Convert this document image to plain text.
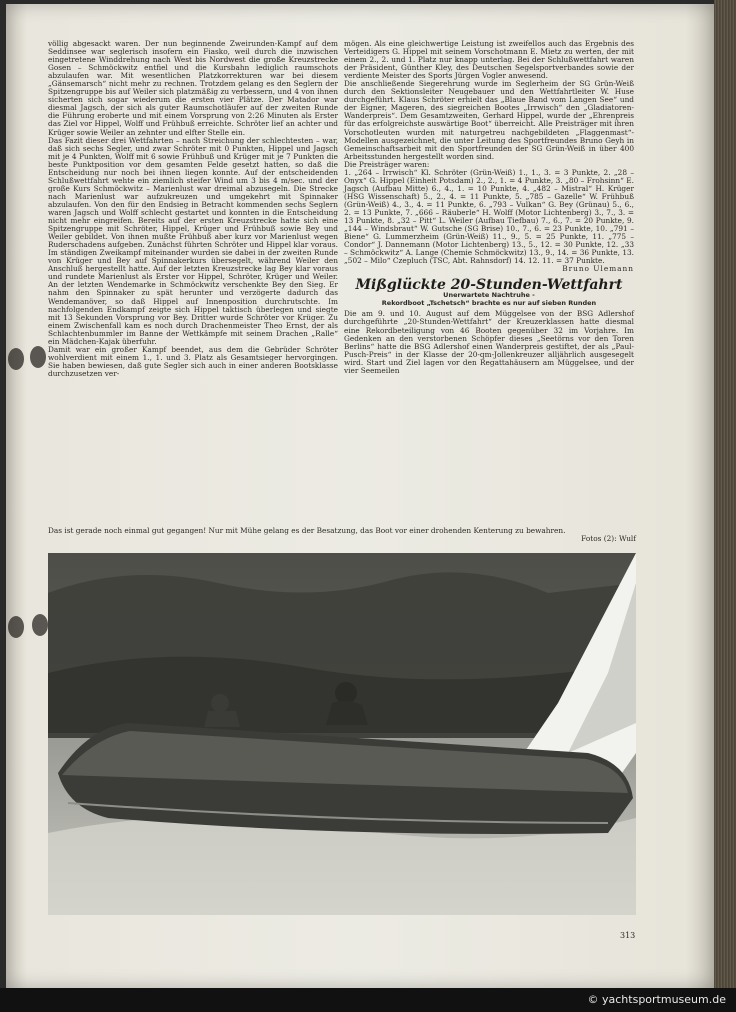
völlig abgesackt waren. Der nun beginnende Zweirunden-Kampf auf dem Seddinsee war seglerisch insofern ein Fiasko, weil durch die inzwischen eingetretene Winddrehung nach West bis Nordwest die große Kreuzstrecke Gosen – Schmöckwitz entfiel und die Kursbahn lediglich raumschots abzulaufen war. Mit wesentlichen Platzkorrekturen war bei diesem „Gänsemarsch“ nicht mehr zu rechnen. Trotzdem gelang es den Seglern der Spitzengruppe bis auf Weiler sich platzmäßig zu verbessern, und 4 von ihnen sicherten sich sogar wiederum die ersten vier Plätze. Der Matador war diesmal Jagsch, der sich als guter Raumschotläufer auf der zweiten Runde die Führung eroberte und mit einem Vorsprung von 2:26 Minuten als Erster das Ziel vor Hippel, Wolff und Frühbuß erreichte. Schröter lief an achter und Krüger sowie Weiler an zehnter und elfter Stelle ein.

Das Fazit dieser drei Wettfahrten – nach Streichung der schlechtesten – war, daß sich sechs Segler, und zwar Schröter mit 0 Punkten, Hippel und Jagsch mit je 4 Punkten, Wolff mit 6 sowie Frühbuß und Krüger mit je 7 Punkten die beste Punktposition vor dem gesamten Felde gesetzt hatten, so daß die Entscheidung nur noch bei ihnen liegen konnte. Auf der entscheidenden Schlußwettfahrt wehte ein ziemlich steifer Wind um 3 bis 4 m/sec. und der große Kurs Schmöckwitz – Marienlust war dreimal abzusegeln. Die Strecke nach Marienlust war aufzukreuzen und umgekehrt mit Spinnaker abzulaufen. Von den für den Endsieg in Betracht kommenden sechs Seglern waren Jagsch und Wolff schlecht gestartet und konnten in die Entscheidung nicht mehr eingreifen. Bereits auf der ersten Kreuzstrecke hatte sich eine Spitzengruppe mit Schröter, Hippel, Krüger und Frühbuß sowie Bey und Weiler gebildet. Von ihnen mußte Frühbuß aber kurz vor Marienlust wegen Ruderschadens aufgeben. Zunächst führten Schröter und Hippel klar voraus. Im ständigen Zweikampf miteinander wurden sie dabei in der zweiten Runde von Krüger und Bey auf Spinnakerkurs übersegelt, während Weiler den Anschluß hergestellt hatte. Auf der letzten Kreuzstrecke lag Bey klar voraus und rundete Marienlust als Erster vor Hippel, Schröter, Krüger und Weiler. An der letzten Wendemarke in Schmöckwitz verschenkte Bey den Sieg. Er nahm den Spinnaker zu spät herunter und verzögerte dadurch das Wendemanöver, so daß Hippel auf Innenposition durchrutschte. Im nachfolgenden Endkampf zeigte sich Hippel taktisch überlegen und siegte mit 13 Sekunden Vorsprung vor Bey. Dritter wurde Schröter vor Krüger. Zu einem Zwischenfall kam es noch durch Drachenmeister Theo Ernst, der als Schlachtenbummler im Banne der Wettkämpfe mit seinem Drachen „Ralle“ ein Mädchen-Kajak überfuhr.

Damit war ein großer Kampf beendet, aus dem die Gebrüder Schröter wohlverdient mit einem 1., 1. und 3. Platz als Gesamtsieger hervorgingen. Sie haben bewiesen, daß gute Segler sich auch in einer anderen Bootsklasse durchzusetzen ver-

mögen. Als eine gleichwertige Leistung ist zweifellos auch das Ergebnis des Verteidigers G. Hippel mit seinem Vorschotmann E. Mietz zu werten, der mit einem 2., 2. und 1. Platz nur knapp unterlag. Bei der Schlußwettfahrt waren der Präsident, Günther Kley, des Deutschen Segelsportverbandes sowie der verdiente Meister des Sports Jürgen Vogler anwesend.

Die anschließende Siegerehrung wurde im Seglerheim der SG Grün-Weiß durch den Sektionsleiter Neugebauer und den Wettfahrtleiter W. Huse durchgeführt. Klaus Schröter erhielt das „Blaue Band vom Langen See“ und der Eigner, Mageren, des siegreichen Bootes „Irrwisch“ den „Gladiatoren-Wanderpreis“. Dem Gesamtzweiten, Gerhard Hippel, wurde der „Ehrenpreis für das erfolgreichste auswärtige Boot“ überreicht. Alle Preisträger mit ihren Vorschotleuten wurden mit naturgetreu nachgebildeten „Flaggenmast“-Modellen ausgezeichnet, die unter Leitung des Sportfreundes Bruno Geyh in Gemeinschaftsarbeit mit den Sportfreunden der SG Grün-Weiß in über 400 Arbeitsstunden hergestellt worden sind.

Die Preisträger waren:

1. „264 – Irrwisch“ Kl. Schröter (Grün-Weiß) 1., 1., 3. = 3 Punkte, 2. „28 – Onyx“ G. Hippel (Einheit Potsdam) 2., 2., 1. = 4 Punkte, 3. „80 – Frohsinn“ E. Jagsch (Aufbau Mitte) 6., 4., 1. = 10 Punkte, 4. „482 – Mistral“ H. Krüger (HSG Wissenschaft) 5., 2., 4. = 11 Punkte, 5. „785 – Gazelle“ W. Frühbuß (Grün-Weiß) 4., 3., 4. = 11 Punkte, 6. „793 – Vulkan“ G. Bey (Grünau) 5., 6., 2. = 13 Punkte, 7. „666 – Räuberle“ H. Wolff (Motor Lichtenberg) 3., 7., 3. = 13 Punkte, 8. „32 – Pitt“ L. Weiler (Aufbau Tiefbau) 7., 6., 7. = 20 Punkte, 9. „144 – Windsbraut“ W. Gutsche (SG Brise) 10., 7., 6. = 23 Punkte, 10. „791 – Biene“ G. Lummerzheim (Grün-Weiß) 11., 9., 5. = 25 Punkte, 11. „775 – Condor“ J. Dannemann (Motor Lichtenberg) 13., 5., 12. = 30 Punkte, 12. „33 – Schmöckwitz“ A. Lange (Chemie Schmöckwitz) 13., 9., 14. = 36 Punkte, 13. „502 – Milo“ Czepluch (TSC, Abt. Rahnsdorf) 14. 12. 11. = 37 Punkte.

Bruno Ulemann

Mißglückte 20-Stunden-Wettfahrt

Unerwartete Nachtruhe -

Rekordboot „Tschetsch“ brachte es nur auf sieben Runden

Die am 9. und 10. August auf dem Müggelsee von der BSG Adlershof durchgeführte „20-Stunden-Wettfahrt“ der Kreuzerklassen hatte diesmal eine Rekordbeteiligung von 46 Booten gegenüber 32 im Vorjahre. Im Gedenken an den verstorbenen Schöpfer dieses „Seetörns vor den Toren Berlins“ hatte die BSG Adlershof einen Wanderpreis gestiftet, der als „Paul-Pusch-Preis“ in der Klasse der 20-qm-Jollenkreuzer alljährlich ausgesegelt wird. Start und Ziel lagen vor den Regattahäusern am Müggelsee, und der vier Seemeilen

Das ist gerade noch einmal gut gegangen! Nur mit Mühe gelang es der Besatzung, das Boot vor einer drohenden Kenterung zu bewahren.
Fotos (2): Wulf
313
© yachtsportmuseum.de
